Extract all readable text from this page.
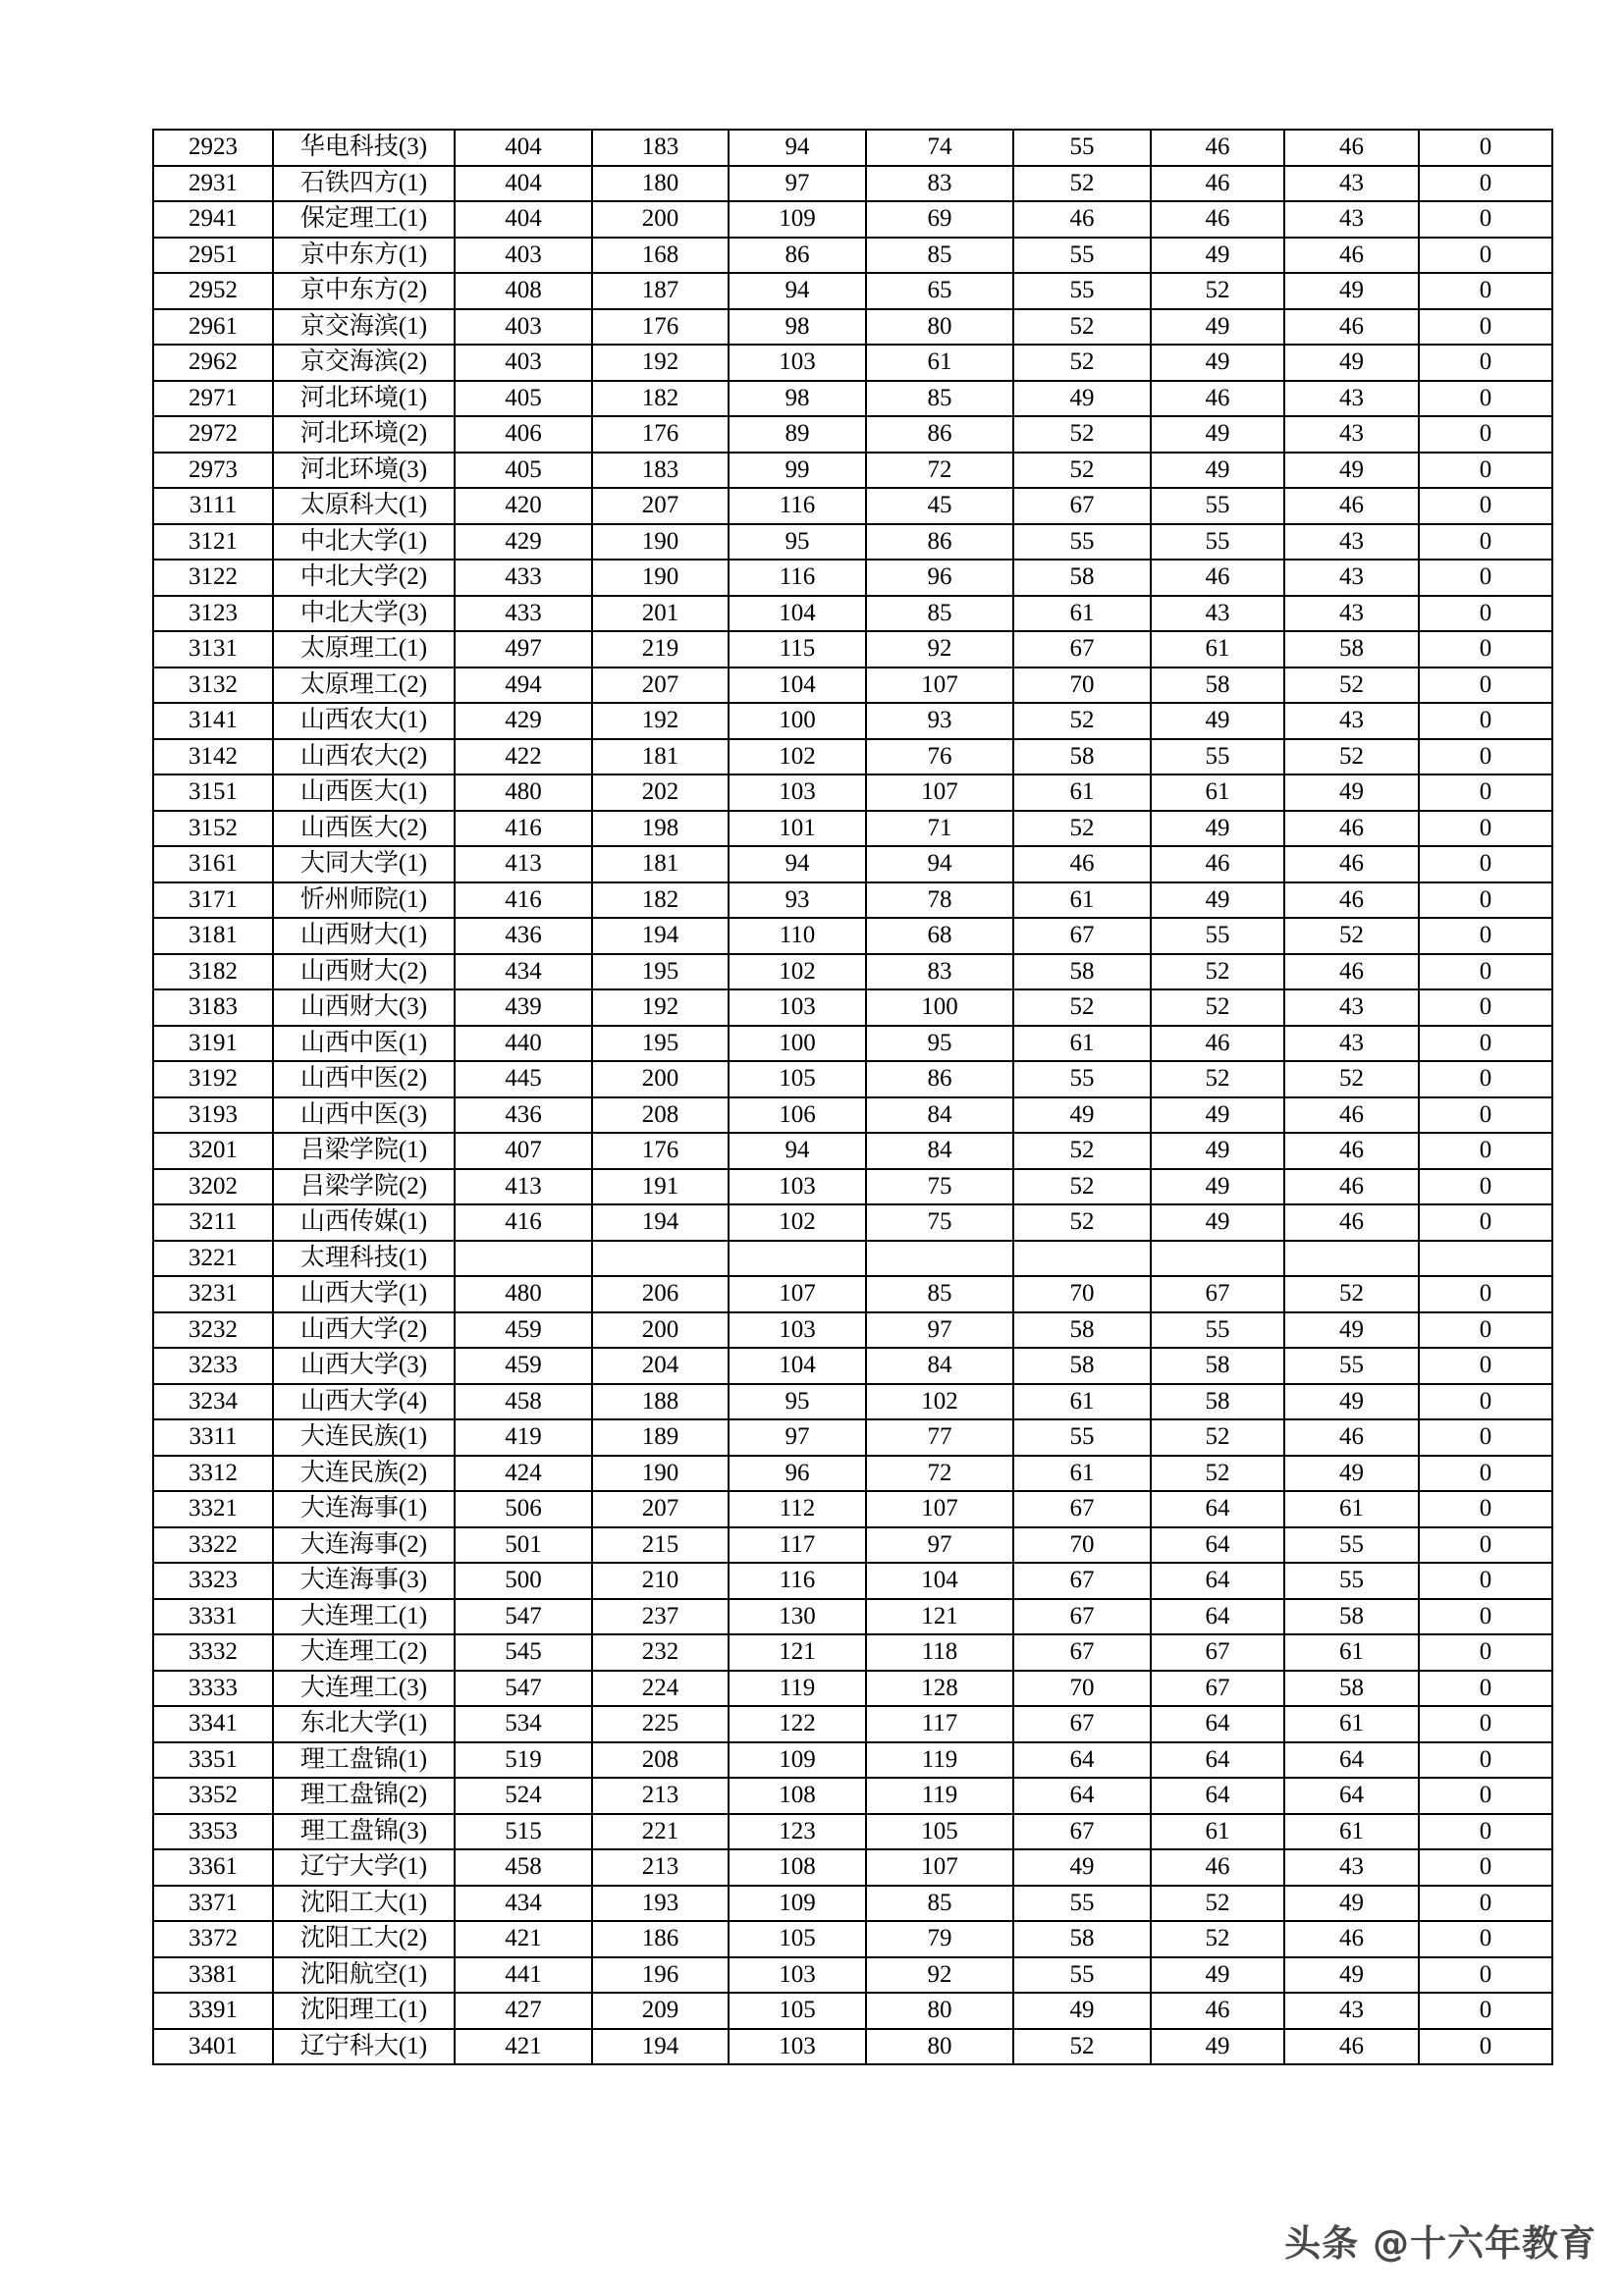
2923	华电科技(3)	404	183	94	74	55	46	46	0
2931	石铁四方(1)	404	180	97	83	52	46	43	0
2941	保定理工(1)	404	200	109	69	46	46	43	0
2951	京中东方(1)	403	168	86	85	55	49	46	0
2952	京中东方(2)	408	187	94	65	55	52	49	0
2961	京交海滨(1)	403	176	98	80	52	49	46	0
2962	京交海滨(2)	403	192	103	61	52	49	49	0
2971	河北环境(1)	405	182	98	85	49	46	43	0
2972	河北环境(2)	406	176	89	86	52	49	43	0
2973	河北环境(3)	405	183	99	72	52	49	49	0
3111	太原科大(1)	420	207	116	45	67	55	46	0
3121	中北大学(1)	429	190	95	86	55	55	43	0
3122	中北大学(2)	433	190	116	96	58	46	43	0
3123	中北大学(3)	433	201	104	85	61	43	43	0
3131	太原理工(1)	497	219	115	92	67	61	58	0
3132	太原理工(2)	494	207	104	107	70	58	52	0
3141	山西农大(1)	429	192	100	93	52	49	43	0
3142	山西农大(2)	422	181	102	76	58	55	52	0
3151	山西医大(1)	480	202	103	107	61	61	49	0
3152	山西医大(2)	416	198	101	71	52	49	46	0
3161	大同大学(1)	413	181	94	94	46	46	46	0
3171	忻州师院(1)	416	182	93	78	61	49	46	0
3181	山西财大(1)	436	194	110	68	67	55	52	0
3182	山西财大(2)	434	195	102	83	58	52	46	0
3183	山西财大(3)	439	192	103	100	52	52	43	0
3191	山西中医(1)	440	195	100	95	61	46	43	0
3192	山西中医(2)	445	200	105	86	55	52	52	0
3193	山西中医(3)	436	208	106	84	49	49	46	0
3201	吕梁学院(1)	407	176	94	84	52	49	46	0
3202	吕梁学院(2)	413	191	103	75	52	49	46	0
3211	山西传媒(1)	416	194	102	75	52	49	46	0
3221	太理科技(1)								
3231	山西大学(1)	480	206	107	85	70	67	52	0
3232	山西大学(2)	459	200	103	97	58	55	49	0
3233	山西大学(3)	459	204	104	84	58	58	55	0
3234	山西大学(4)	458	188	95	102	61	58	49	0
3311	大连民族(1)	419	189	97	77	55	52	46	0
3312	大连民族(2)	424	190	96	72	61	52	49	0
3321	大连海事(1)	506	207	112	107	67	64	61	0
3322	大连海事(2)	501	215	117	97	70	64	55	0
3323	大连海事(3)	500	210	116	104	67	64	55	0
3331	大连理工(1)	547	237	130	121	67	64	58	0
3332	大连理工(2)	545	232	121	118	67	67	61	0
3333	大连理工(3)	547	224	119	128	70	67	58	0
3341	东北大学(1)	534	225	122	117	67	64	61	0
3351	理工盘锦(1)	519	208	109	119	64	64	64	0
3352	理工盘锦(2)	524	213	108	119	64	64	64	0
3353	理工盘锦(3)	515	221	123	105	67	61	61	0
3361	辽宁大学(1)	458	213	108	107	49	46	43	0
3371	沈阳工大(1)	434	193	109	85	55	52	49	0
3372	沈阳工大(2)	421	186	105	79	58	52	46	0
3381	沈阳航空(1)	441	196	103	92	55	49	49	0
3391	沈阳理工(1)	427	209	105	80	49	46	43	0
3401	辽宁科大(1)	421	194	103	80	52	49	46	0
头条 @十六年教育
